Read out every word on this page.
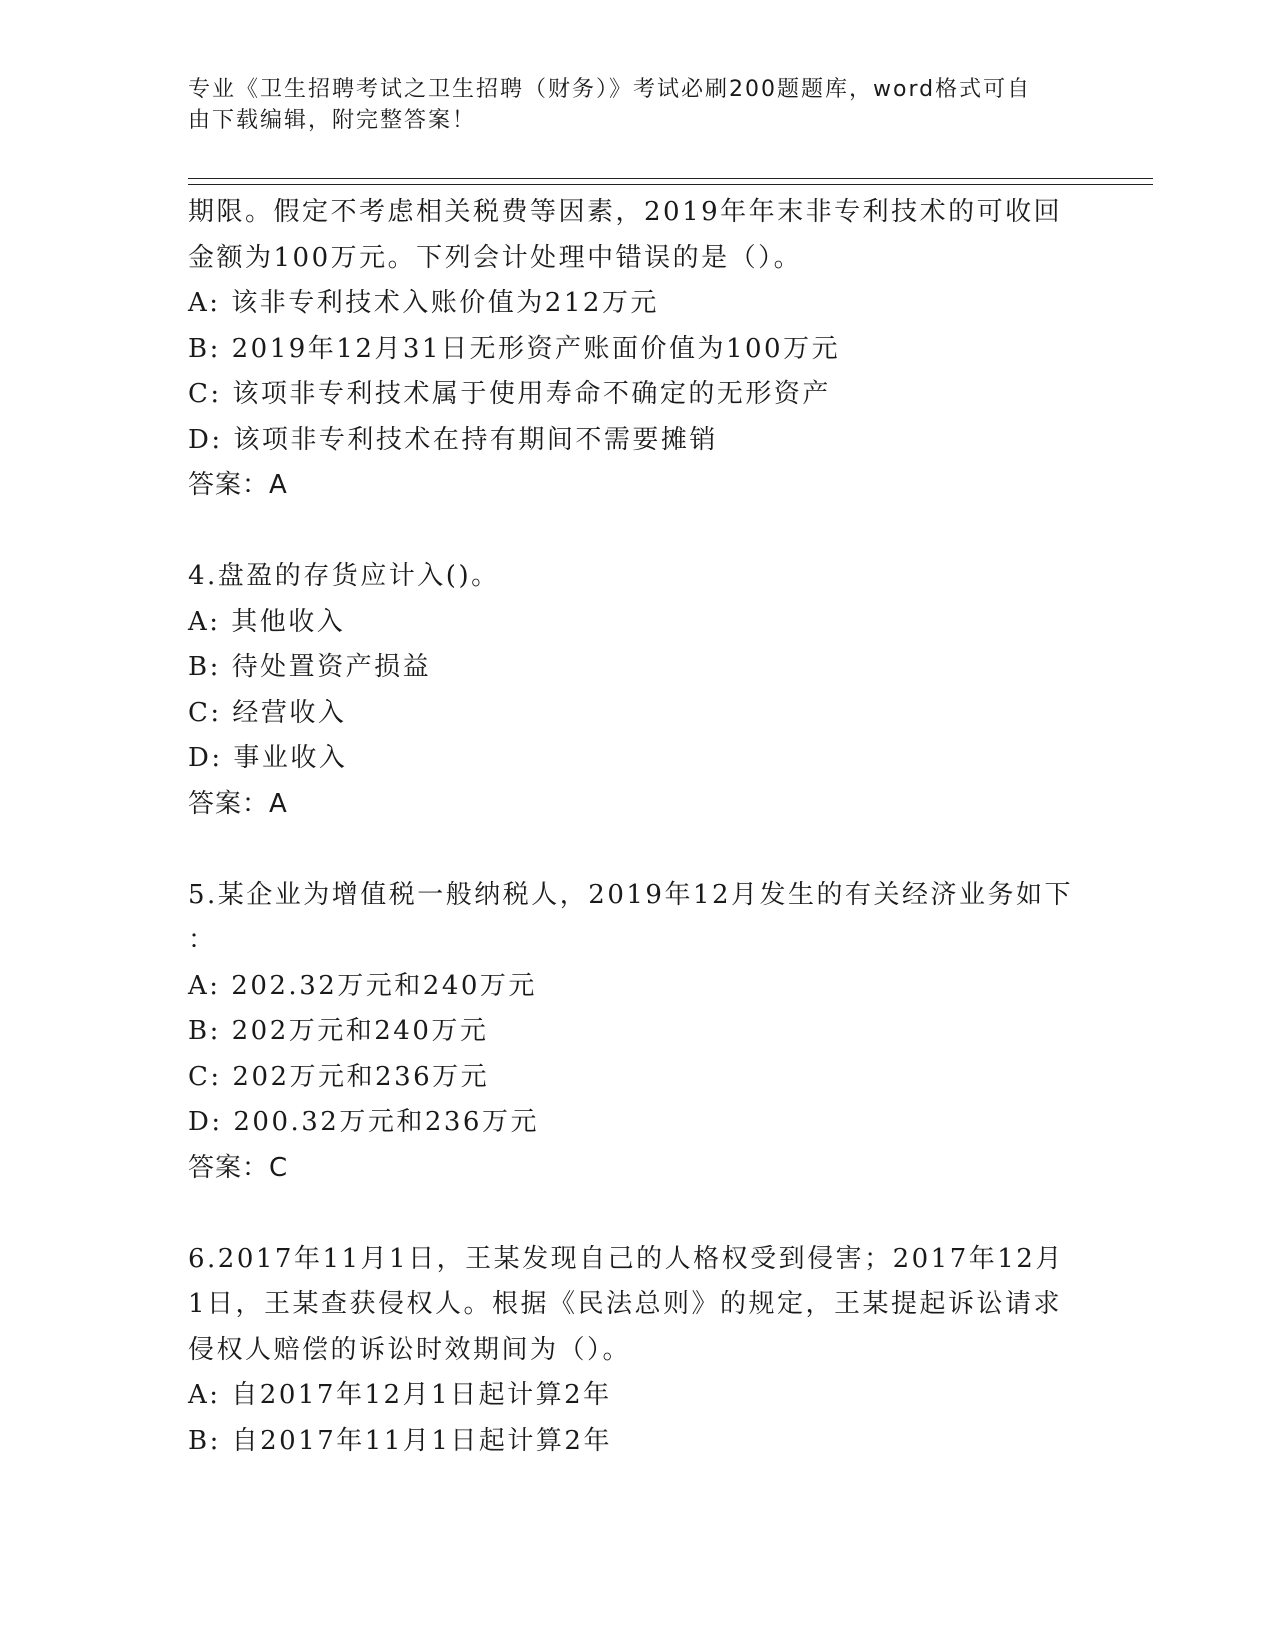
专业《卫生招聘考试之卫生招聘（财务）》考试必刷200题题库，word格式可自
由下载编辑，附完整答案！
期限。假定不考虑相关税费等因素，2019年年末非专利技术的可收回
金额为100万元。下列会计处理中错误的是（）。
A: 该非专利技术入账价值为212万元
B: 2019年12月31日无形资产账面价值为100万元
C: 该项非专利技术属于使用寿命不确定的无形资产
D: 该项非专利技术在持有期间不需要摊销
答案：A
4.盘盈的存货应计入()。
A: 其他收入
B: 待处置资产损益
C: 经营收入
D: 事业收入
答案：A
5.某企业为增值税一般纳税人，2019年12月发生的有关经济业务如下
：
A: 202.32万元和240万元
B: 202万元和240万元
C: 202万元和236万元
D: 200.32万元和236万元
答案：C
6.2017年11月1日，王某发现自己的人格权受到侵害；2017年12月
1日，王某查获侵权人。根据《民法总则》的规定，王某提起诉讼请求
侵权人赔偿的诉讼时效期间为（）。
A: 自2017年12月1日起计算2年
B: 自2017年11月1日起计算2年
